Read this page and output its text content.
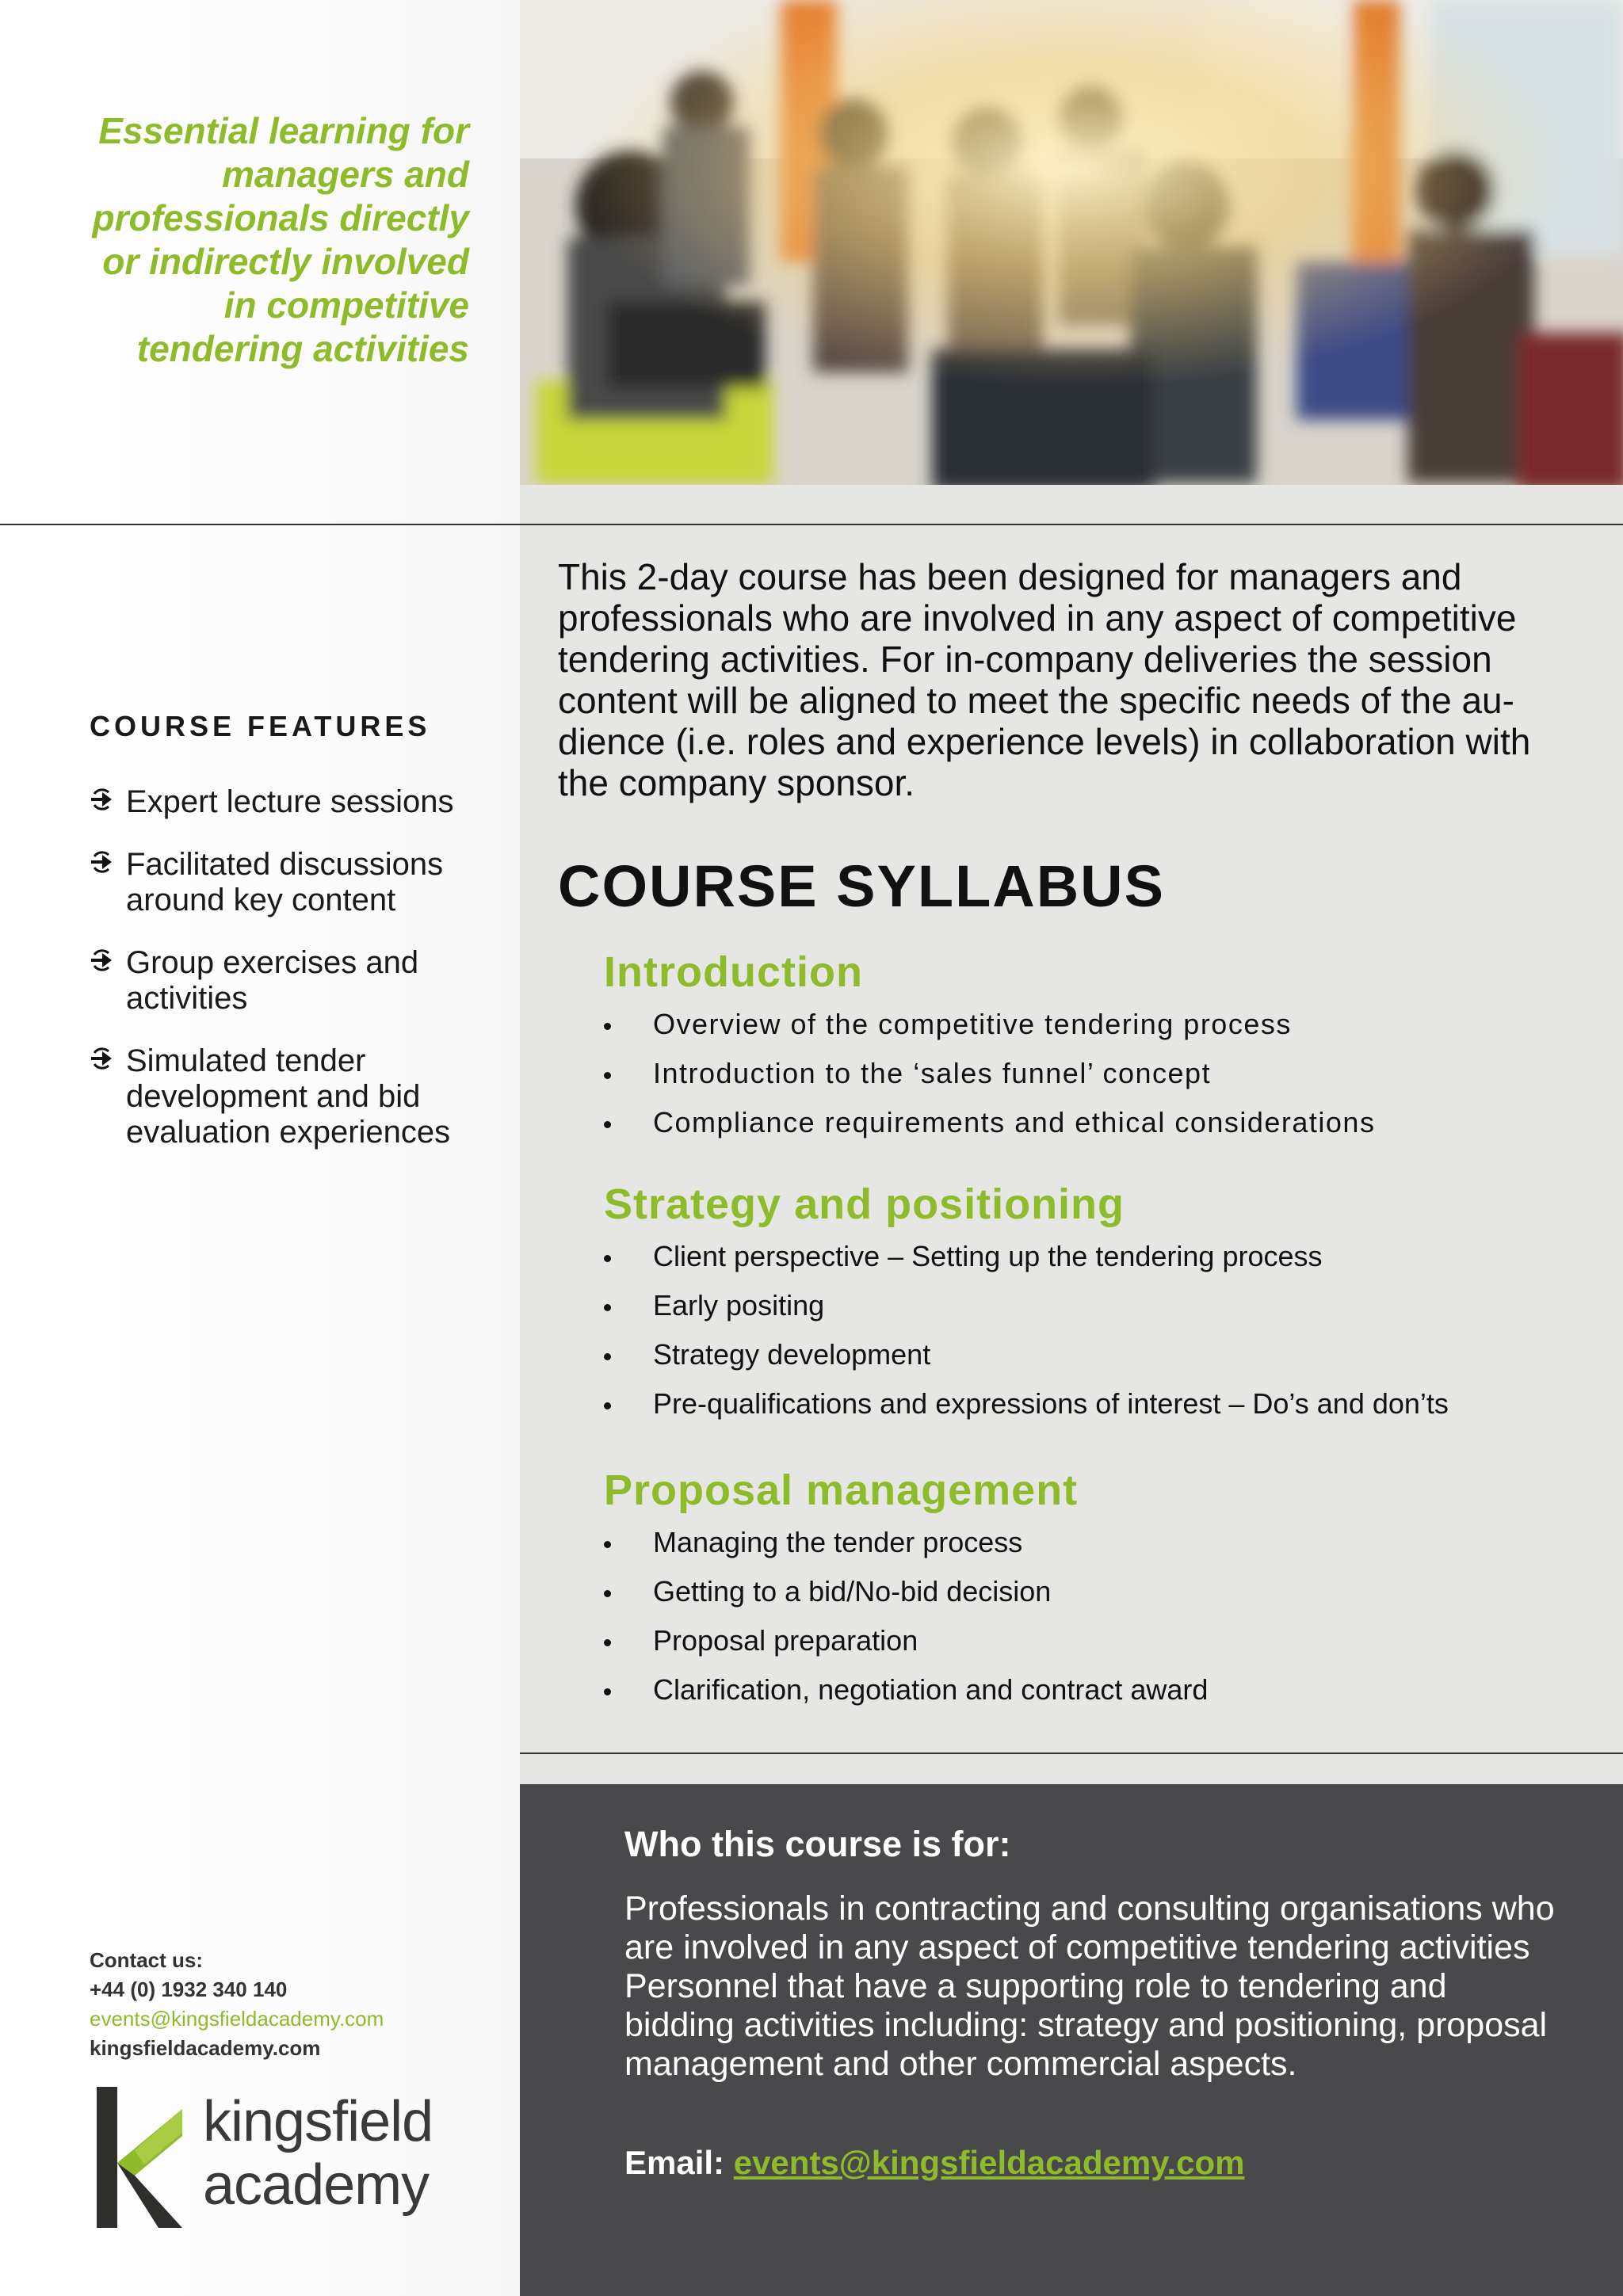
Essential learning for
managers and
professionals directly
or indirectly involved
in competitive
tendering activities
COURSE FEATURES
Expert lecture sessions
Facilitated discussions
around key content
Group exercises and
activities
Simulated tender
development and bid
evaluation experiences
Contact us:
+44 (0) 1932 340 140
events@kingsfieldacademy.com
kingsfieldacademy.com
kingsfield
academy

This 2-day course has been designed for managers and professionals who are involved in any aspect of competitive tendering activities. For in-company deliveries the session content will be aligned to meet the specific needs of the au-dience (i.e. roles and experience levels) in collaboration with the company sponsor.

COURSE SYLLABUS
Introduction
Overview of the competitive tendering process
Introduction to the ‘sales funnel’ concept
Compliance requirements and ethical considerations
Strategy and positioning
Client perspective – Setting up the tendering process
Early positing
Strategy development
Pre-qualifications and expressions of interest – Do’s and don’ts
Proposal management
Managing the tender process
Getting to a bid/No-bid decision
Proposal preparation
Clarification, negotiation and contract award
Who this course is for:

Professionals in contracting and consulting organisations who are involved in any aspect of competitive tendering activities Personnel that have a supporting role to tendering and bidding activities including: strategy and positioning, proposal management and other commercial aspects.

Email: events@kingsfieldacademy.com
